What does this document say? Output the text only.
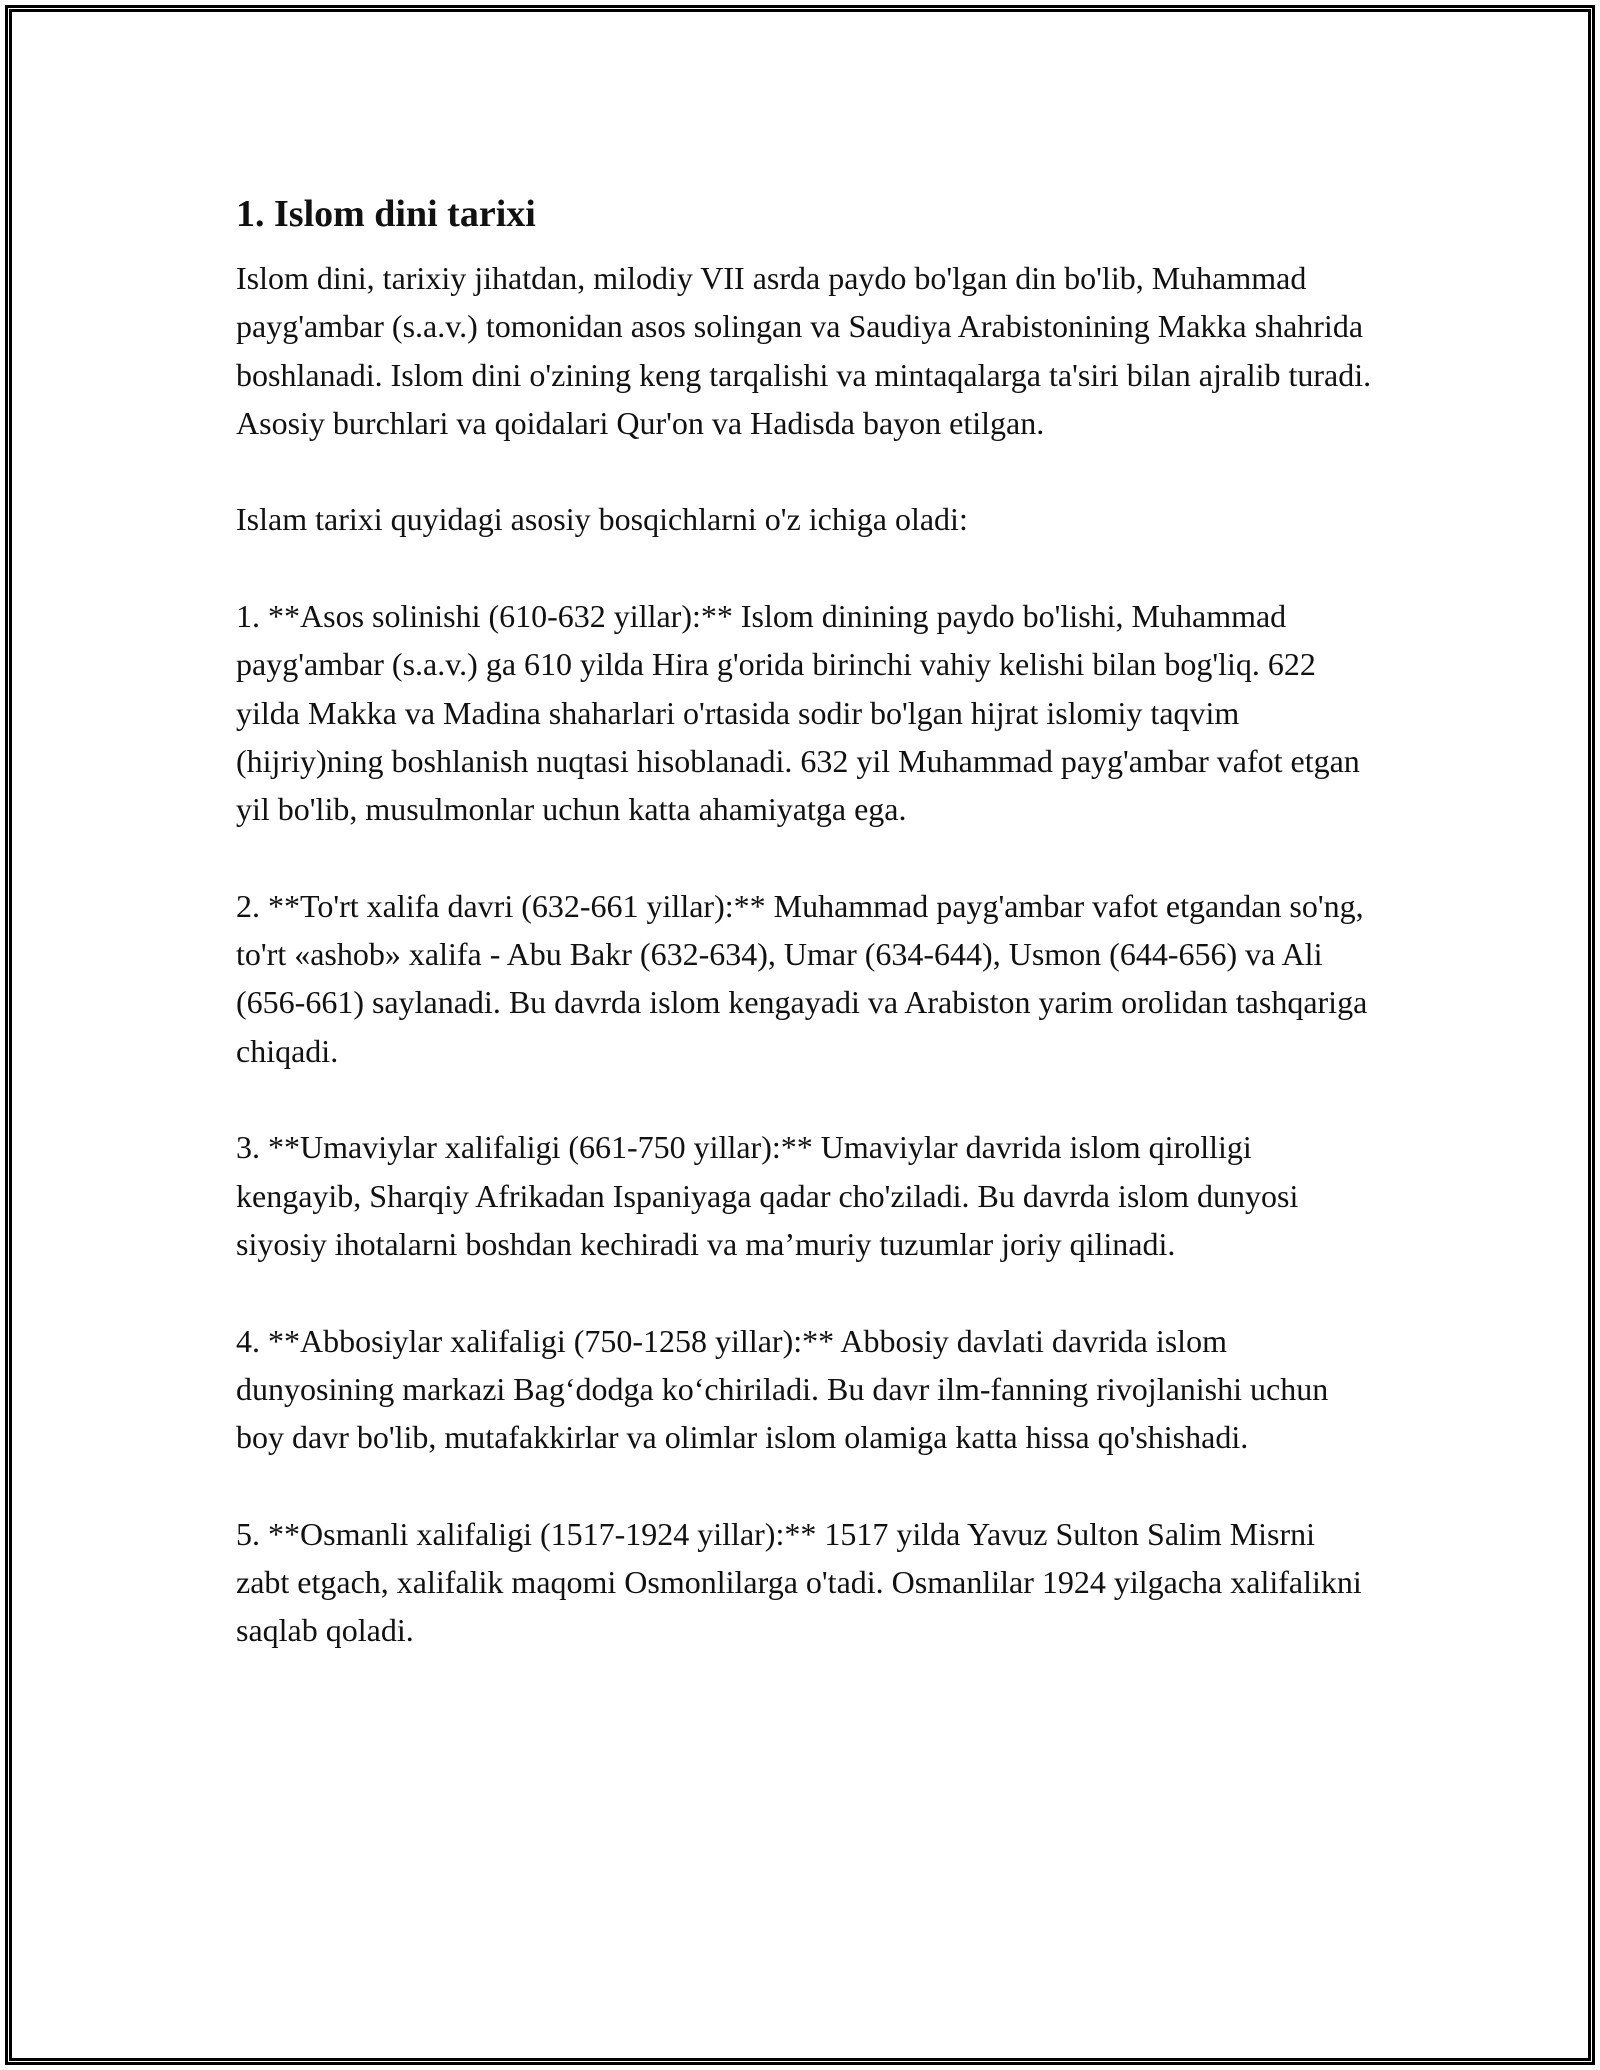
1. Islom dini tarixi

Islom dini, tarixiy jihatdan, milodiy VII asrda paydo bo'lgan din bo'lib, Muhammad payg'ambar (s.a.v.) tomonidan asos solingan va Saudiya Arabistonining Makka shahrida boshlanadi. Islom dini o'zining keng tarqalishi va mintaqalarga ta'siri bilan ajralib turadi. Asosiy burchlari va qoidalari Qur'on va Hadisda bayon etilgan.

Islam tarixi quyidagi asosiy bosqichlarni o'z ichiga oladi:

1. **Asos solinishi (610-632 yillar):** Islom dinining paydo bo'lishi, Muhammad payg'ambar (s.a.v.) ga 610 yilda Hira g'orida birinchi vahiy kelishi bilan bog'liq. 622 yilda Makka va Madina shaharlari o'rtasida sodir bo'lgan hijrat islomiy taqvim (hijriy)ning boshlanish nuqtasi hisoblanadi. 632 yil Muhammad payg'ambar vafot etgan yil bo'lib, musulmonlar uchun katta ahamiyatga ega.

2. **To'rt xalifa davri (632-661 yillar):** Muhammad payg'ambar vafot etgandan so'ng, to'rt «ashob» xalifa - Abu Bakr (632-634), Umar (634-644), Usmon (644-656) va Ali (656-661) saylanadi. Bu davrda islom kengayadi va Arabiston yarim orolidan tashqariga chiqadi.

3. **Umaviylar xalifaligi (661-750 yillar):** Umaviylar davrida islom qirolligi kengayib, Sharqiy Afrikadan Ispaniyaga qadar cho'ziladi. Bu davrda islom dunyosi siyosiy ihotalarni boshdan kechiradi va ma’muriy tuzumlar joriy qilinadi.

4. **Abbosiylar xalifaligi (750-1258 yillar):** Abbosiy davlati davrida islom dunyosining markazi Bag‘dodga ko‘chiriladi. Bu davr ilm-fanning rivojlanishi uchun boy davr bo'lib, mutafakkirlar va olimlar islom olamiga katta hissa qo'shishadi.

5. **Osmanli xalifaligi (1517-1924 yillar):** 1517 yilda Yavuz Sulton Salim Misrni zabt etgach, xalifalik maqomi Osmonlilarga o'tadi. Osmanlilar 1924 yilgacha xalifalikni saqlab qoladi.
